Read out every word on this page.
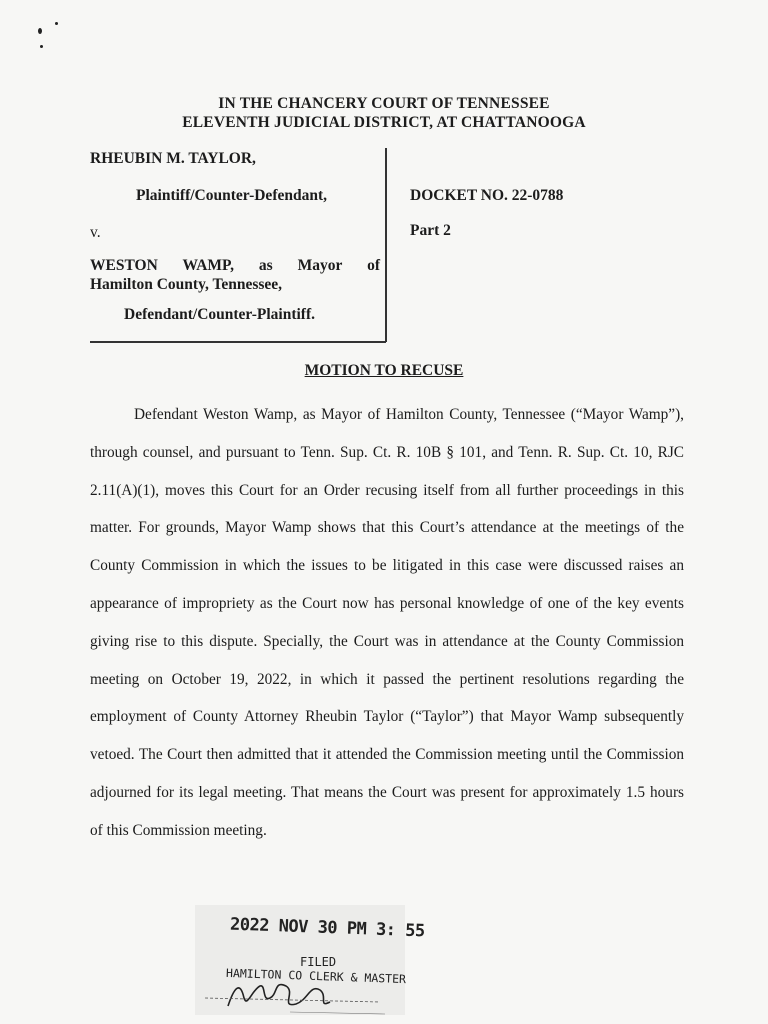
IN THE CHANCERY COURT OF TENNESSEE
ELEVENTH JUDICIAL DISTRICT, AT CHATTANOOGA
RHEUBIN M. TAYLOR,
Plaintiff/Counter-Defendant,
v.
WESTON WAMP, as Mayor of
Hamilton County, Tennessee,
Defendant/Counter-Plaintiff.
DOCKET NO. 22-0788
Part 2
MOTION TO RECUSE

Defendant Weston Wamp, as Mayor of Hamilton County, Tennessee (“Mayor Wamp”), through counsel, and pursuant to Tenn. Sup. Ct. R. 10B § 101, and Tenn. R. Sup. Ct. 10, RJC 2.11(A)(1), moves this Court for an Order recusing itself from all further proceedings in this matter. For grounds, Mayor Wamp shows that this Court’s attendance at the meetings of the County Commission in which the issues to be litigated in this case were discussed raises an appearance of impropriety as the Court now has personal knowledge of one of the key events giving rise to this dispute. Specially, the Court was in attendance at the County Commission meeting on October 19, 2022, in which it passed the pertinent resolutions regarding the employment of County Attorney Rheubin Taylor (“Taylor”) that Mayor Wamp subsequently vetoed. The Court then admitted that it attended the Commission meeting until the Commission adjourned for its legal meeting. That means the Court was present for approximately 1.5 hours of this Commission meeting.

2022 NOV 30 PM 3: 55
FILED
HAMILTON CO CLERK & MASTER
